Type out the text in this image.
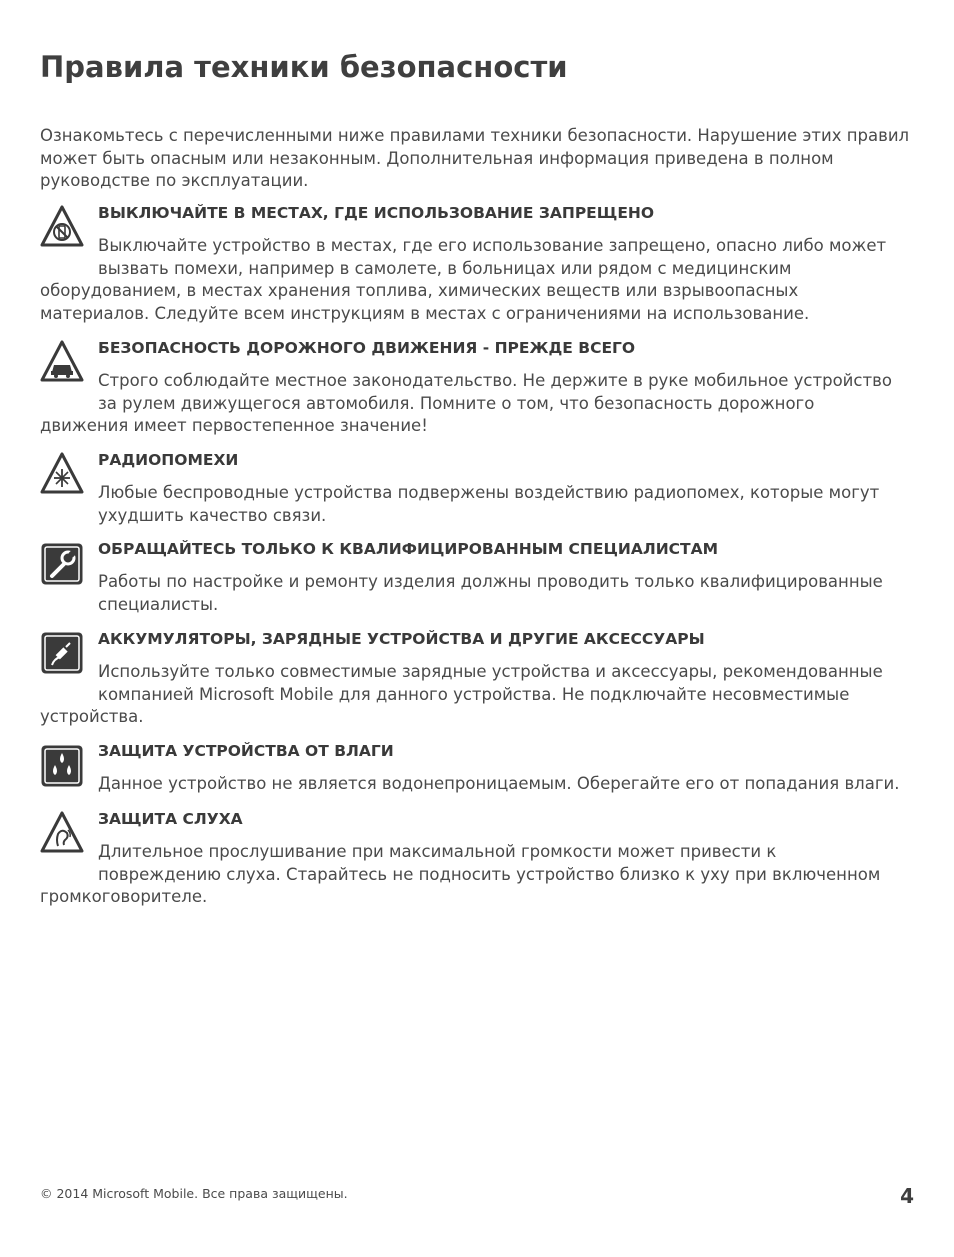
Правила техники безопасности

Ознакомьтесь с перечисленными ниже правилами техники безопасности. Нарушение этих правил может быть опасным или незаконным. Дополнительная информация приведена в полном руководстве по эксплуатации.

ВЫКЛЮЧАЙТЕ В МЕСТАХ, ГДЕ ИСПОЛЬЗОВАНИЕ ЗАПРЕЩЕНО

Выключайте устройство в местах, где его использование запрещено, опасно либо может
вызвать помехи, например в самолете, в больницах или рядом с медицинским
оборудованием, в местах хранения топлива, химических веществ или взрывоопасных
материалов. Следуйте всем инструкциям в местах с ограничениями на использование.

БЕЗОПАСНОСТЬ ДОРОЖНОГО ДВИЖЕНИЯ - ПРЕЖДЕ ВСЕГО

Строго соблюдайте местное законодательство. Не держите в руке мобильное устройство
за рулем движущегося автомобиля. Помните о том, что безопасность дорожного
движения имеет первостепенное значение!

РАДИОПОМЕХИ

Любые беспроводные устройства подвержены воздействию радиопомех, которые могут
ухудшить качество связи.

ОБРАЩАЙТЕСЬ ТОЛЬКО К КВАЛИФИЦИРОВАННЫМ СПЕЦИАЛИСТАМ

Работы по настройке и ремонту изделия должны проводить только квалифицированные
специалисты.

АККУМУЛЯТОРЫ, ЗАРЯДНЫЕ УСТРОЙСТВА И ДРУГИЕ АКСЕССУАРЫ

Используйте только совместимые зарядные устройства и аксессуары, рекомендованные
компанией Microsoft Mobile для данного устройства. Не подключайте несовместимые
устройства.

ЗАЩИТА УСТРОЙСТВА ОТ ВЛАГИ

Данное устройство не является водонепроницаемым. Оберегайте его от попадания влаги.

ЗАЩИТА СЛУХА

Длительное прослушивание при максимальной громкости может привести к
повреждению слуха. Старайтесь не подносить устройство близко к уху при включенном
громкоговорителе.

© 2014 Microsoft Mobile. Все права защищены.	4
